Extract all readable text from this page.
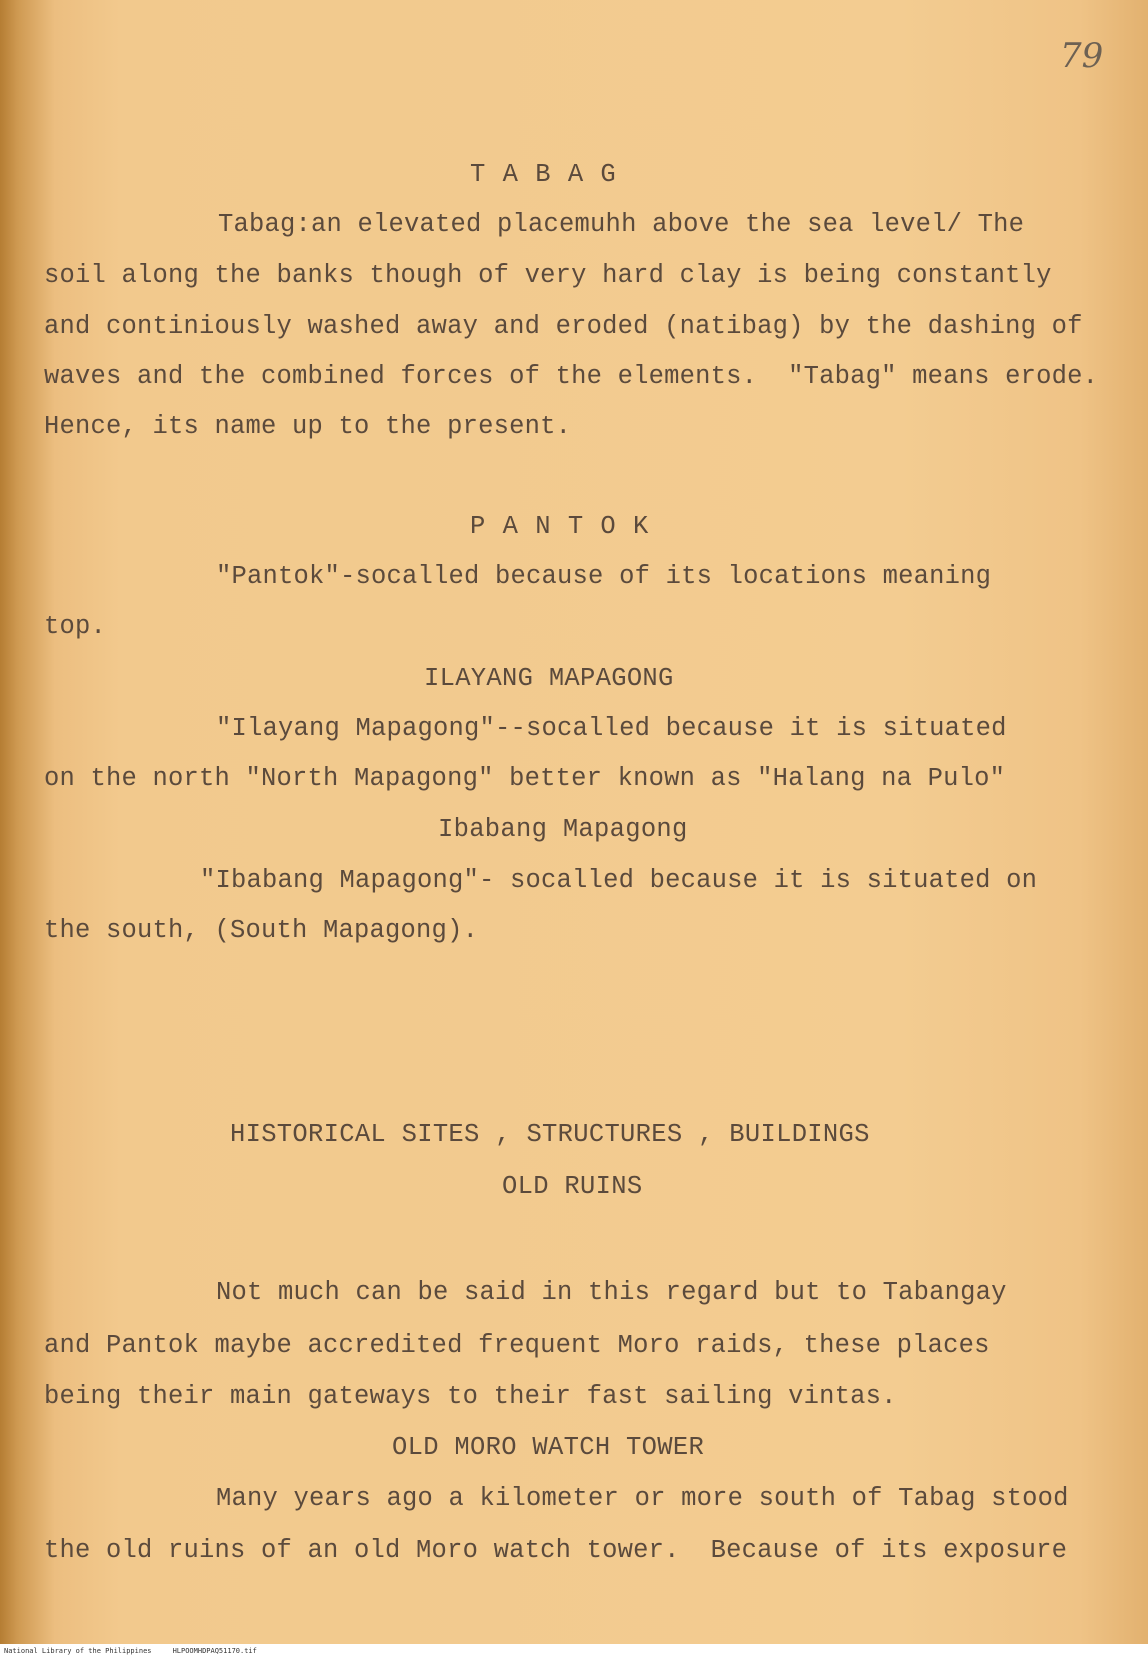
79
T A B A G
Tabag:an elevated placemuhh above the sea level/ The
soil along the banks though of very hard clay is being constantly
and continiously washed away and eroded (natibag) by the dashing of
waves and the combined forces of the elements.  "Tabag" means erode.
Hence, its name up to the present.
P A N T O K
"Pantok"-socalled because of its locations meaning
top.
ILAYANG MAPAGONG
"Ilayang Mapagong"--socalled because it is situated
on the north "North Mapagong" better known as "Halang na Pulo"
Ibabang Mapagong
"Ibabang Mapagong"- socalled because it is situated on
the south, (South Mapagong).
HISTORICAL SITES , STRUCTURES , BUILDINGS
OLD RUINS
Not much can be said in this regard but to Tabangay
and Pantok maybe accredited frequent Moro raids, these places
being their main gateways to their fast sailing vintas.
OLD MORO WATCH TOWER
Many years ago a kilometer or more south of Tabag stood
the old ruins of an old Moro watch tower.  Because of its exposure
National Library of the Philippines     HLPOOMHDPAQ51170.tif
